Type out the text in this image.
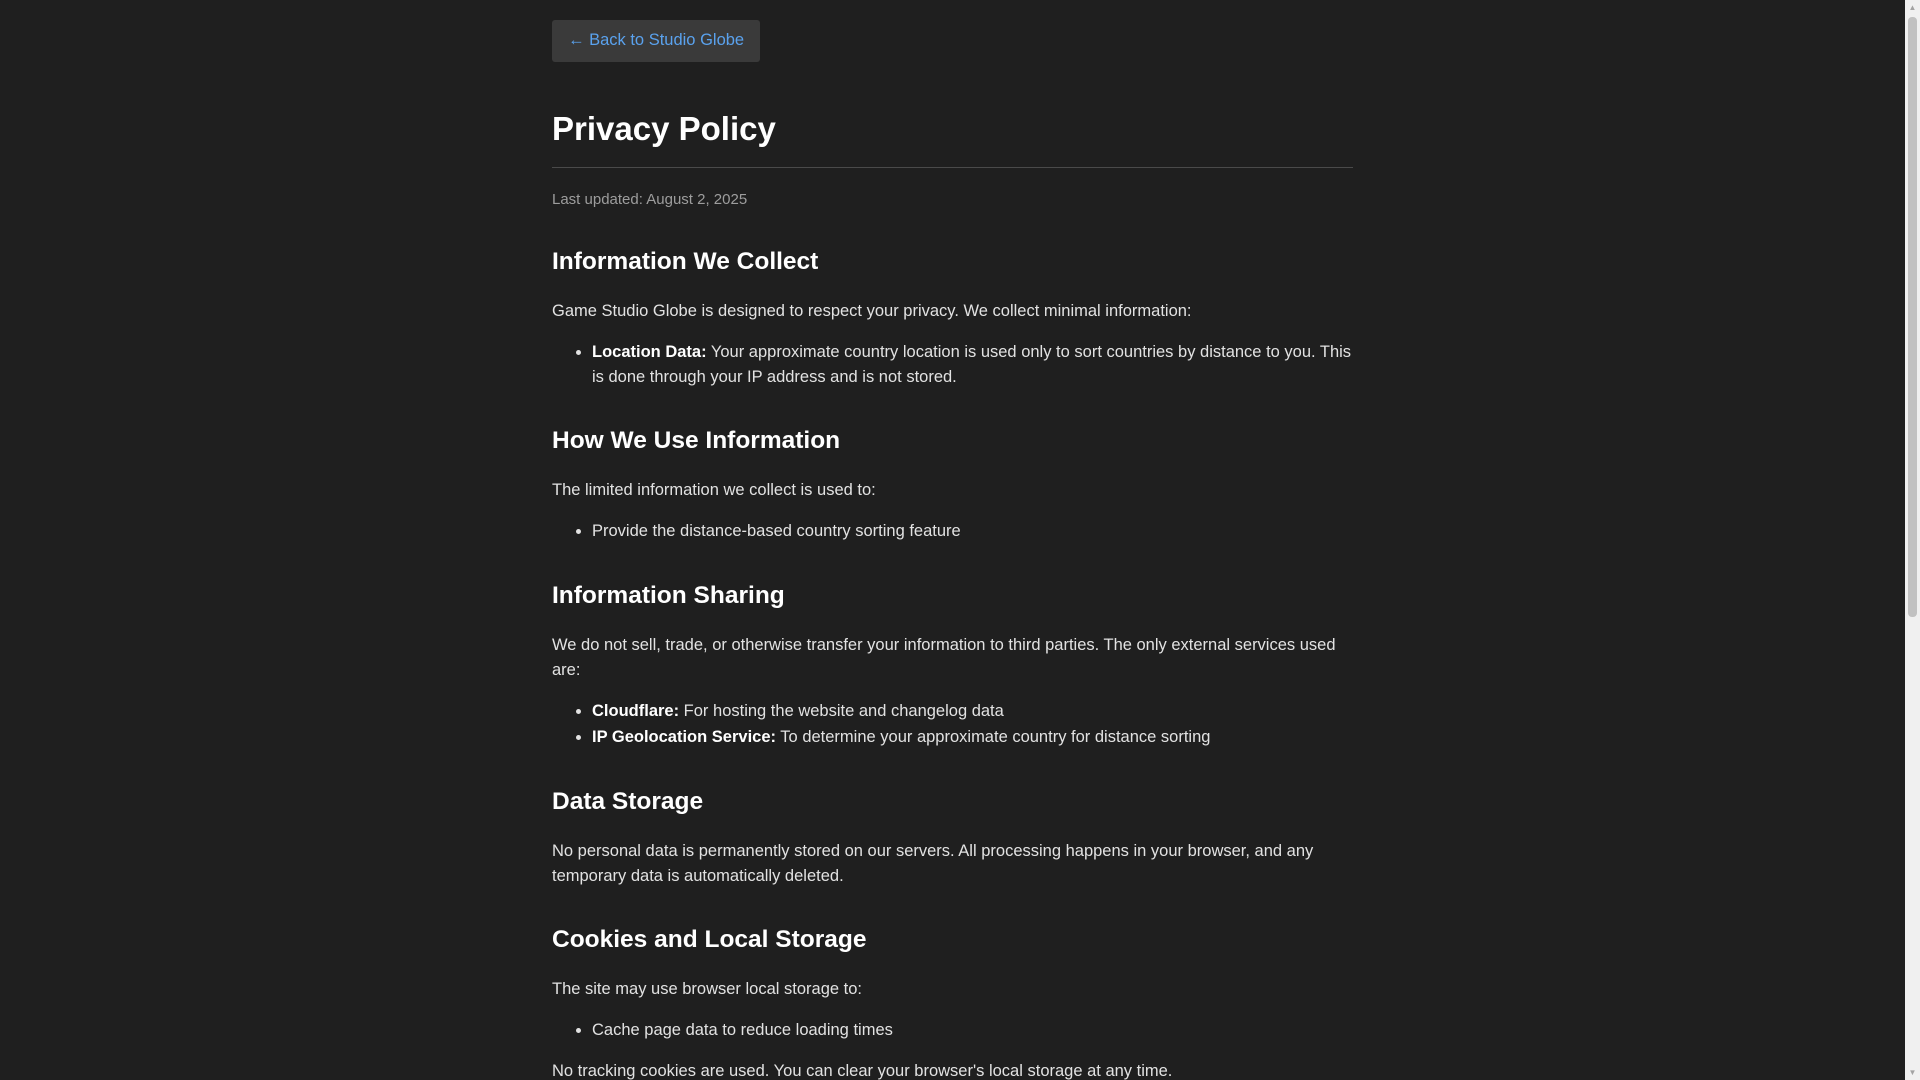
← Back to Studio Globe
Privacy Policy

Last updated: August 2, 2025

Information We Collect

Game Studio Globe is designed to respect your privacy. We collect minimal information:

• Location Data: Your approximate country location is used only to sort countries by distance to you. This is done through your IP address and is not stored.
How We Use Information

The limited information we collect is used to:

• Provide the distance-based country sorting feature
Information Sharing

We do not sell, trade, or otherwise transfer your information to third parties. The only external services used are:

• Cloudflare: For hosting the website and changelog data
• IP Geolocation Service: To determine your approximate country for distance sorting
Data Storage

No personal data is permanently stored on our servers. All processing happens in your browser, and any temporary data is automatically deleted.

Cookies and Local Storage

The site may use browser local storage to:

• Cache page data to reduce loading times

No tracking cookies are used. You can clear your browser's local storage at any time.

▲
▼
